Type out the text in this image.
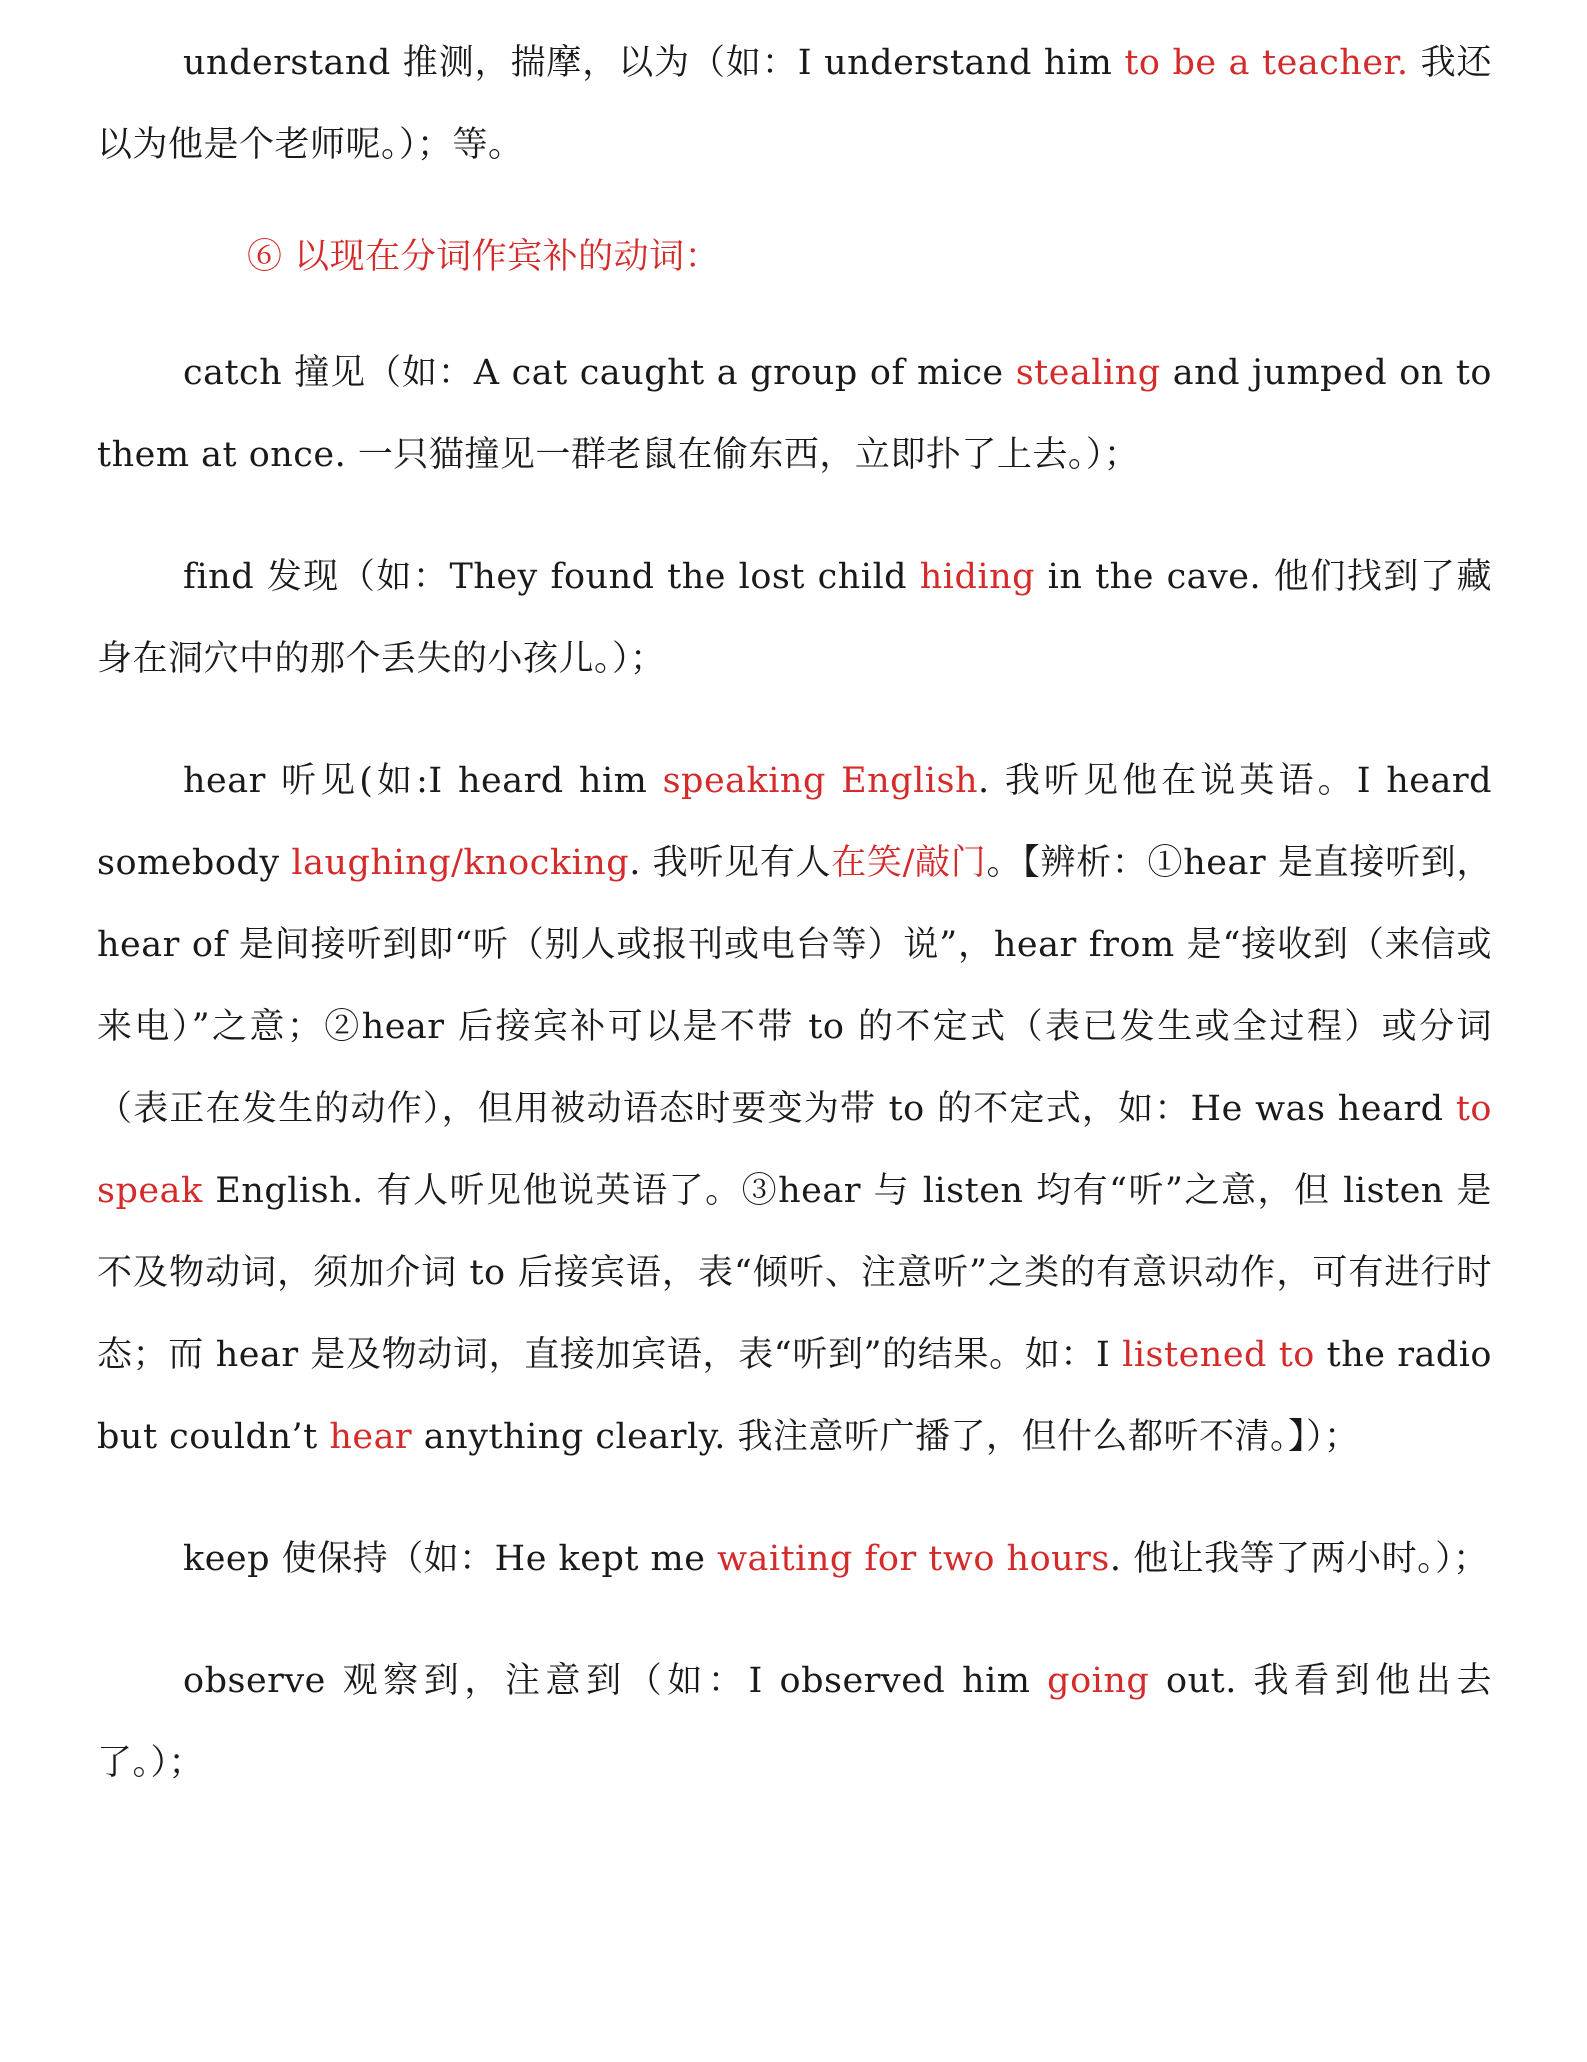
understand 推测，揣摩，以为（如：I understand him to be a teacher. 我还以为他是个老师呢。）；等。

⑥ 以现在分词作宾补的动词：

catch 撞见（如：A cat caught a group of mice stealing and jumped on to them at once. 一只猫撞见一群老鼠在偷东西，立即扑了上去。）；

find 发现（如：They found the lost child hiding in the cave. 他们找到了藏身在洞穴中的那个丢失的小孩儿。）；

hear 听见(如:I heard him speaking English. 我听见他在说英语。I heard somebody laughing/knocking. 我听见有人在笑/敲门。【辨析：①hear 是直接听到，hear of 是间接听到即“听（别人或报刊或电台等）说”，hear from 是“接收到（来信或来电）”之意；②hear 后接宾补可以是不带 to 的不定式（表已发生或全过程）或分词（表正在发生的动作），但用被动语态时要变为带 to 的不定式，如：He was heard to speak English. 有人听见他说英语了。③hear 与 listen 均有“听”之意，但 listen 是不及物动词，须加介词 to 后接宾语，表“倾听、注意听”之类的有意识动作，可有进行时态；而 hear 是及物动词，直接加宾语，表“听到”的结果。如：I listened to the radio but couldn’t hear anything clearly. 我注意听广播了，但什么都听不清。】）；

keep 使保持（如：He kept me waiting for two hours. 他让我等了两小时。）；

observe 观察到，注意到（如：I observed him going out. 我看到他出去了。）；
